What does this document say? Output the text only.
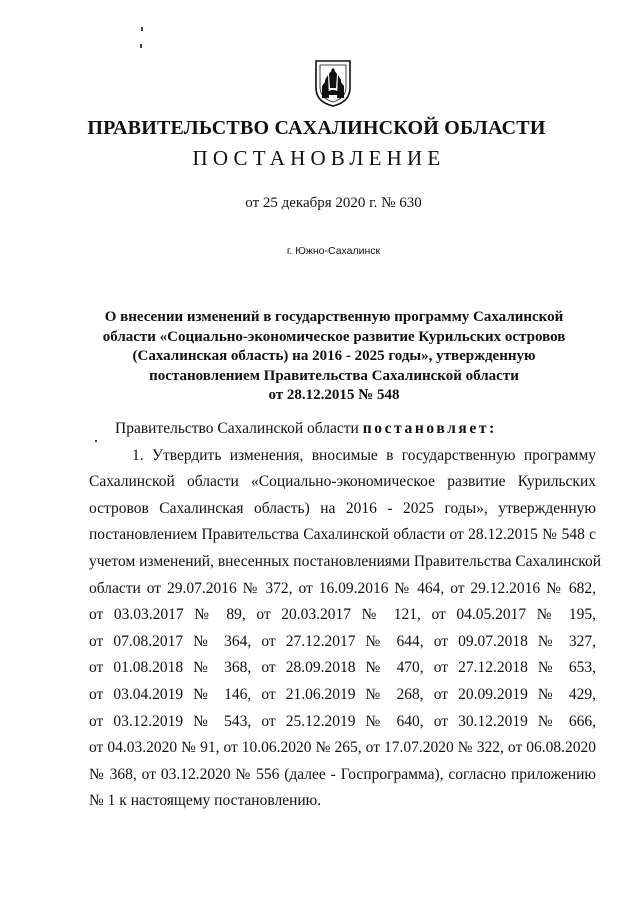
ПРАВИТЕЛЬСТВО САХАЛИНСКОЙ ОБЛАСТИ
ПОСТАНОВЛЕНИЕ
от 25 декабря 2020 г. № 630
г. Южно-Сахалинск
О внесении изменений в государственную программу Сахалинской
области «Социально-экономическое развитие Курильских островов
(Сахалинская область) на 2016 - 2025 годы», утвержденную
постановлением Правительства Сахалинской области
от 28.12.2015 № 548
Правительство Сахалинской области постановляет:
1. Утвердить изменения, вносимые в государственную программу
Сахалинской области «Социально-экономическое развитие Курильских
островов Сахалинская область) на 2016 - 2025 годы», утвержденную
постановлением Правительства Сахалинской области от 28.12.2015 № 548 с
учетом изменений, внесенных постановлениями Правительства Сахалинской
области от 29.07.2016 № 372, от 16.09.2016 № 464, от 29.12.2016 № 682,
от 03.03.2017 № 89, от 20.03.2017 № 121, от 04.05.2017 № 195,
от 07.08.2017 № 364, от 27.12.2017 № 644, от 09.07.2018 № 327,
от 01.08.2018 № 368, от 28.09.2018 № 470, от 27.12.2018 № 653,
от 03.04.2019 № 146, от 21.06.2019 № 268, от 20.09.2019 № 429,
от 03.12.2019 № 543, от 25.12.2019 № 640, от 30.12.2019 № 666,
от 04.03.2020 № 91, от 10.06.2020 № 265, от 17.07.2020 № 322, от 06.08.2020
№ 368, от 03.12.2020 № 556 (далее - Госпрограмма), согласно приложению
№ 1 к настоящему постановлению.
